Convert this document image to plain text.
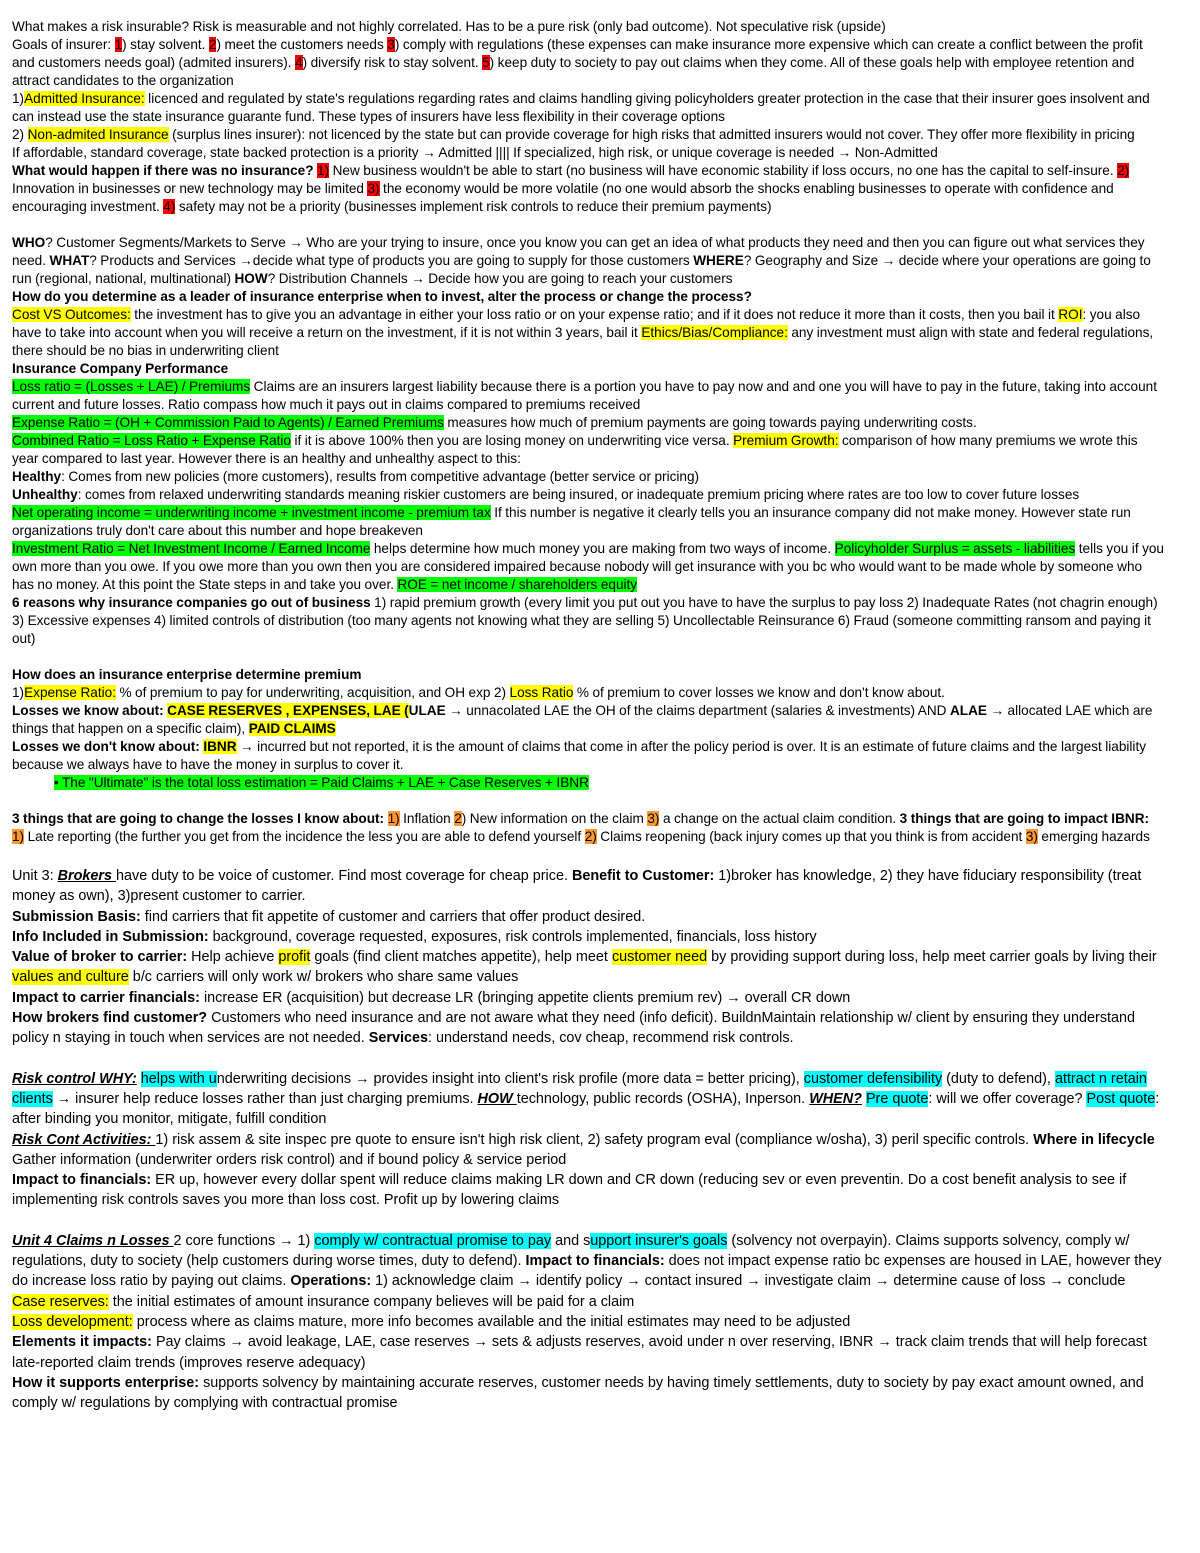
What makes a risk insurable? Risk is measurable and not highly correlated. Has to be a pure risk (only bad outcome). Not speculative risk (upside)

Goals of insurer: 1) stay solvent. 2) meet the customers needs 3) comply with regulations (these expenses can make insurance more expensive which can create a conflict between the profit and customers needs goal) (admited insurers). 4) diversify risk to stay solvent. 5) keep duty to society to pay out claims when they come. All of these goals help with employee retention and attract candidates to the organization

1)Admitted Insurance: licenced and regulated by state's regulations regarding rates and claims handling giving policyholders greater protection in the case that their insurer goes insolvent and can instead use the state insurance guarante fund. These types of insurers have less flexibility in their coverage options

2) Non-admited Insurance (surplus lines insurer): not licenced by the state but can provide coverage for high risks that admitted insurers would not cover. They offer more flexibility in pricing

If affordable, standard coverage, state backed protection is a priority → Admitted |||| If specialized, high risk, or unique coverage is needed → Non-Admitted

What would happen if there was no insurance? 1) New business wouldn't be able to start (no business will have economic stability if loss occurs, no one has the capital to self-insure. 2) Innovation in businesses or new technology may be limited 3) the economy would be more volatile (no one would absorb the shocks enabling businesses to operate with confidence and encouraging investment. 4) safety may not be a priority (businesses implement risk controls to reduce their premium payments)

WHO? Customer Segments/Markets to Serve → Who are your trying to insure, once you know you can get an idea of what products they need and then you can figure out what services they need. WHAT? Products and Services →decide what type of products you are going to supply for those customers WHERE? Geography and Size → decide where your operations are going to run (regional, national, multinational) HOW? Distribution Channels → Decide how you are going to reach your customers

How do you determine as a leader of insurance enterprise when to invest, alter the process or change the process?

Cost VS Outcomes: the investment has to give you an advantage in either your loss ratio or on your expense ratio; and if it does not reduce it more than it costs, then you bail it ROI: you also have to take into account when you will receive a return on the investment, if it is not within 3 years, bail it Ethics/Bias/Compliance: any investment must align with state and federal regulations, there should be no bias in underwriting client

Insurance Company Performance

Loss ratio = (Losses + LAE) / Premiums Claims are an insurers largest liability because there is a portion you have to pay now and and one you will have to pay in the future, taking into account current and future losses. Ratio compass how much it pays out in claims compared to premiums received

Expense Ratio = (OH + Commission Paid to Agents) / Earned Premiums measures how much of premium payments are going towards paying underwriting costs.

Combined Ratio = Loss Ratio + Expense Ratio if it is above 100% then you are losing money on underwriting vice versa. Premium Growth: comparison of how many premiums we wrote this year compared to last year. However there is an healthy and unhealthy aspect to this:

Healthy: Comes from new policies (more customers), results from competitive advantage (better service or pricing)

Unhealthy: comes from relaxed underwriting standards meaning riskier customers are being insured, or inadequate premium pricing where rates are too low to cover future losses

Net operating income = underwriting income + investment income - premium tax If this number is negative it clearly tells you an insurance company did not make money. However state run organizations truly don't care about this number and hope breakeven

Investment Ratio = Net Investment Income / Earned Income helps determine how much money you are making from two ways of income. Policyholder Surplus = assets - liabilities tells you if you own more than you owe. If you owe more than you own then you are considered impaired because nobody will get insurance with you bc who would want to be made whole by someone who has no money. At this point the State steps in and take you over. ROE = net income / shareholders equity

6 reasons why insurance companies go out of business 1) rapid premium growth (every limit you put out you have to have the surplus to pay loss 2) Inadequate Rates (not chagrin enough) 3) Excessive expenses 4) limited controls of distribution (too many agents not knowing what they are selling 5) Uncollectable Reinsurance 6) Fraud (someone committing ransom and paying it out)

How does an insurance enterprise determine premium

1)Expense Ratio: % of premium to pay for underwriting, acquisition, and OH exp 2) Loss Ratio % of premium to cover losses we know and don't know about.

Losses we know about: CASE RESERVES , EXPENSES, LAE (ULAE → unnacolated LAE the OH of the claims department (salaries & investments) AND ALAE → allocated LAE which are things that happen on a specific claim), PAID CLAIMS

Losses we don't know about: IBNR → incurred but not reported, it is the amount of claims that come in after the policy period is over. It is an estimate of future claims and the largest liability because we always have to have the money in surplus to cover it.

• The "Ultimate" is the total loss estimation = Paid Claims + LAE + Case Reserves + IBNR

3 things that are going to change the losses I know about: 1) Inflation 2) New information on the claim 3) a change on the actual claim condition. 3 things that are going to impact IBNR: 1) Late reporting (the further you get from the incidence the less you are able to defend yourself 2) Claims reopening (back injury comes up that you think is from accident 3) emerging hazards

Unit 3: Brokers have duty to be voice of customer. Find most coverage for cheap price. Benefit to Customer: 1)broker has knowledge, 2) they have fiduciary responsibility (treat money as own), 3)present customer to carrier.

Submission Basis: find carriers that fit appetite of customer and carriers that offer product desired.

Info Included in Submission: background, coverage requested, exposures, risk controls implemented, financials, loss history

Value of broker to carrier: Help achieve profit goals (find client matches appetite), help meet customer need by providing support during loss, help meet carrier goals by living their values and culture b/c carriers will only work w/ brokers who share same values

Impact to carrier financials: increase ER (acquisition) but decrease LR (bringing appetite clients premium rev) → overall CR down

How brokers find customer? Customers who need insurance and are not aware what they need (info deficit). BuildnMaintain relationship w/ client by ensuring they understand policy n staying in touch when services are not needed. Services: understand needs, cov cheap, recommend risk controls.

Risk control WHY: helps with underwriting decisions → provides insight into client's risk profile (more data = better pricing), customer defensibility (duty to defend), attract n retain clients → insurer help reduce losses rather than just charging premiums. HOW technology, public records (OSHA), Inperson. WHEN? Pre quote: will we offer coverage? Post quote: after binding you monitor, mitigate, fulfill condition

Risk Cont Activities: 1) risk assem & site inspec pre quote to ensure isn't high risk client, 2) safety program eval (compliance w/osha), 3) peril specific controls. Where in lifecycle Gather information (underwriter orders risk control) and if bound policy & service period

Impact to financials: ER up, however every dollar spent will reduce claims making LR down and CR down (reducing sev or even preventin. Do a cost benefit analysis to see if implementing risk controls saves you more than loss cost. Profit up by lowering claims

Unit 4 Claims n Losses 2 core functions → 1) comply w/ contractual promise to pay and support insurer's goals (solvency not overpayin). Claims supports solvency, comply w/ regulations, duty to society (help customers during worse times, duty to defend). Impact to financials: does not impact expense ratio bc expenses are housed in LAE, however they do increase loss ratio by paying out claims. Operations: 1) acknowledge claim → identify policy → contact insured → investigate claim → determine cause of loss → conclude

Case reserves: the initial estimates of amount insurance company believes will be paid for a claim

Loss development: process where as claims mature, more info becomes available and the initial estimates may need to be adjusted

Elements it impacts: Pay claims → avoid leakage, LAE, case reserves → sets & adjusts reserves, avoid under n over reserving, IBNR → track claim trends that will help forecast late-reported claim trends (improves reserve adequacy)

How it supports enterprise: supports solvency by maintaining accurate reserves, customer needs by having timely settlements, duty to society by pay exact amount owned, and comply w/ regulations by complying with contractual promise
